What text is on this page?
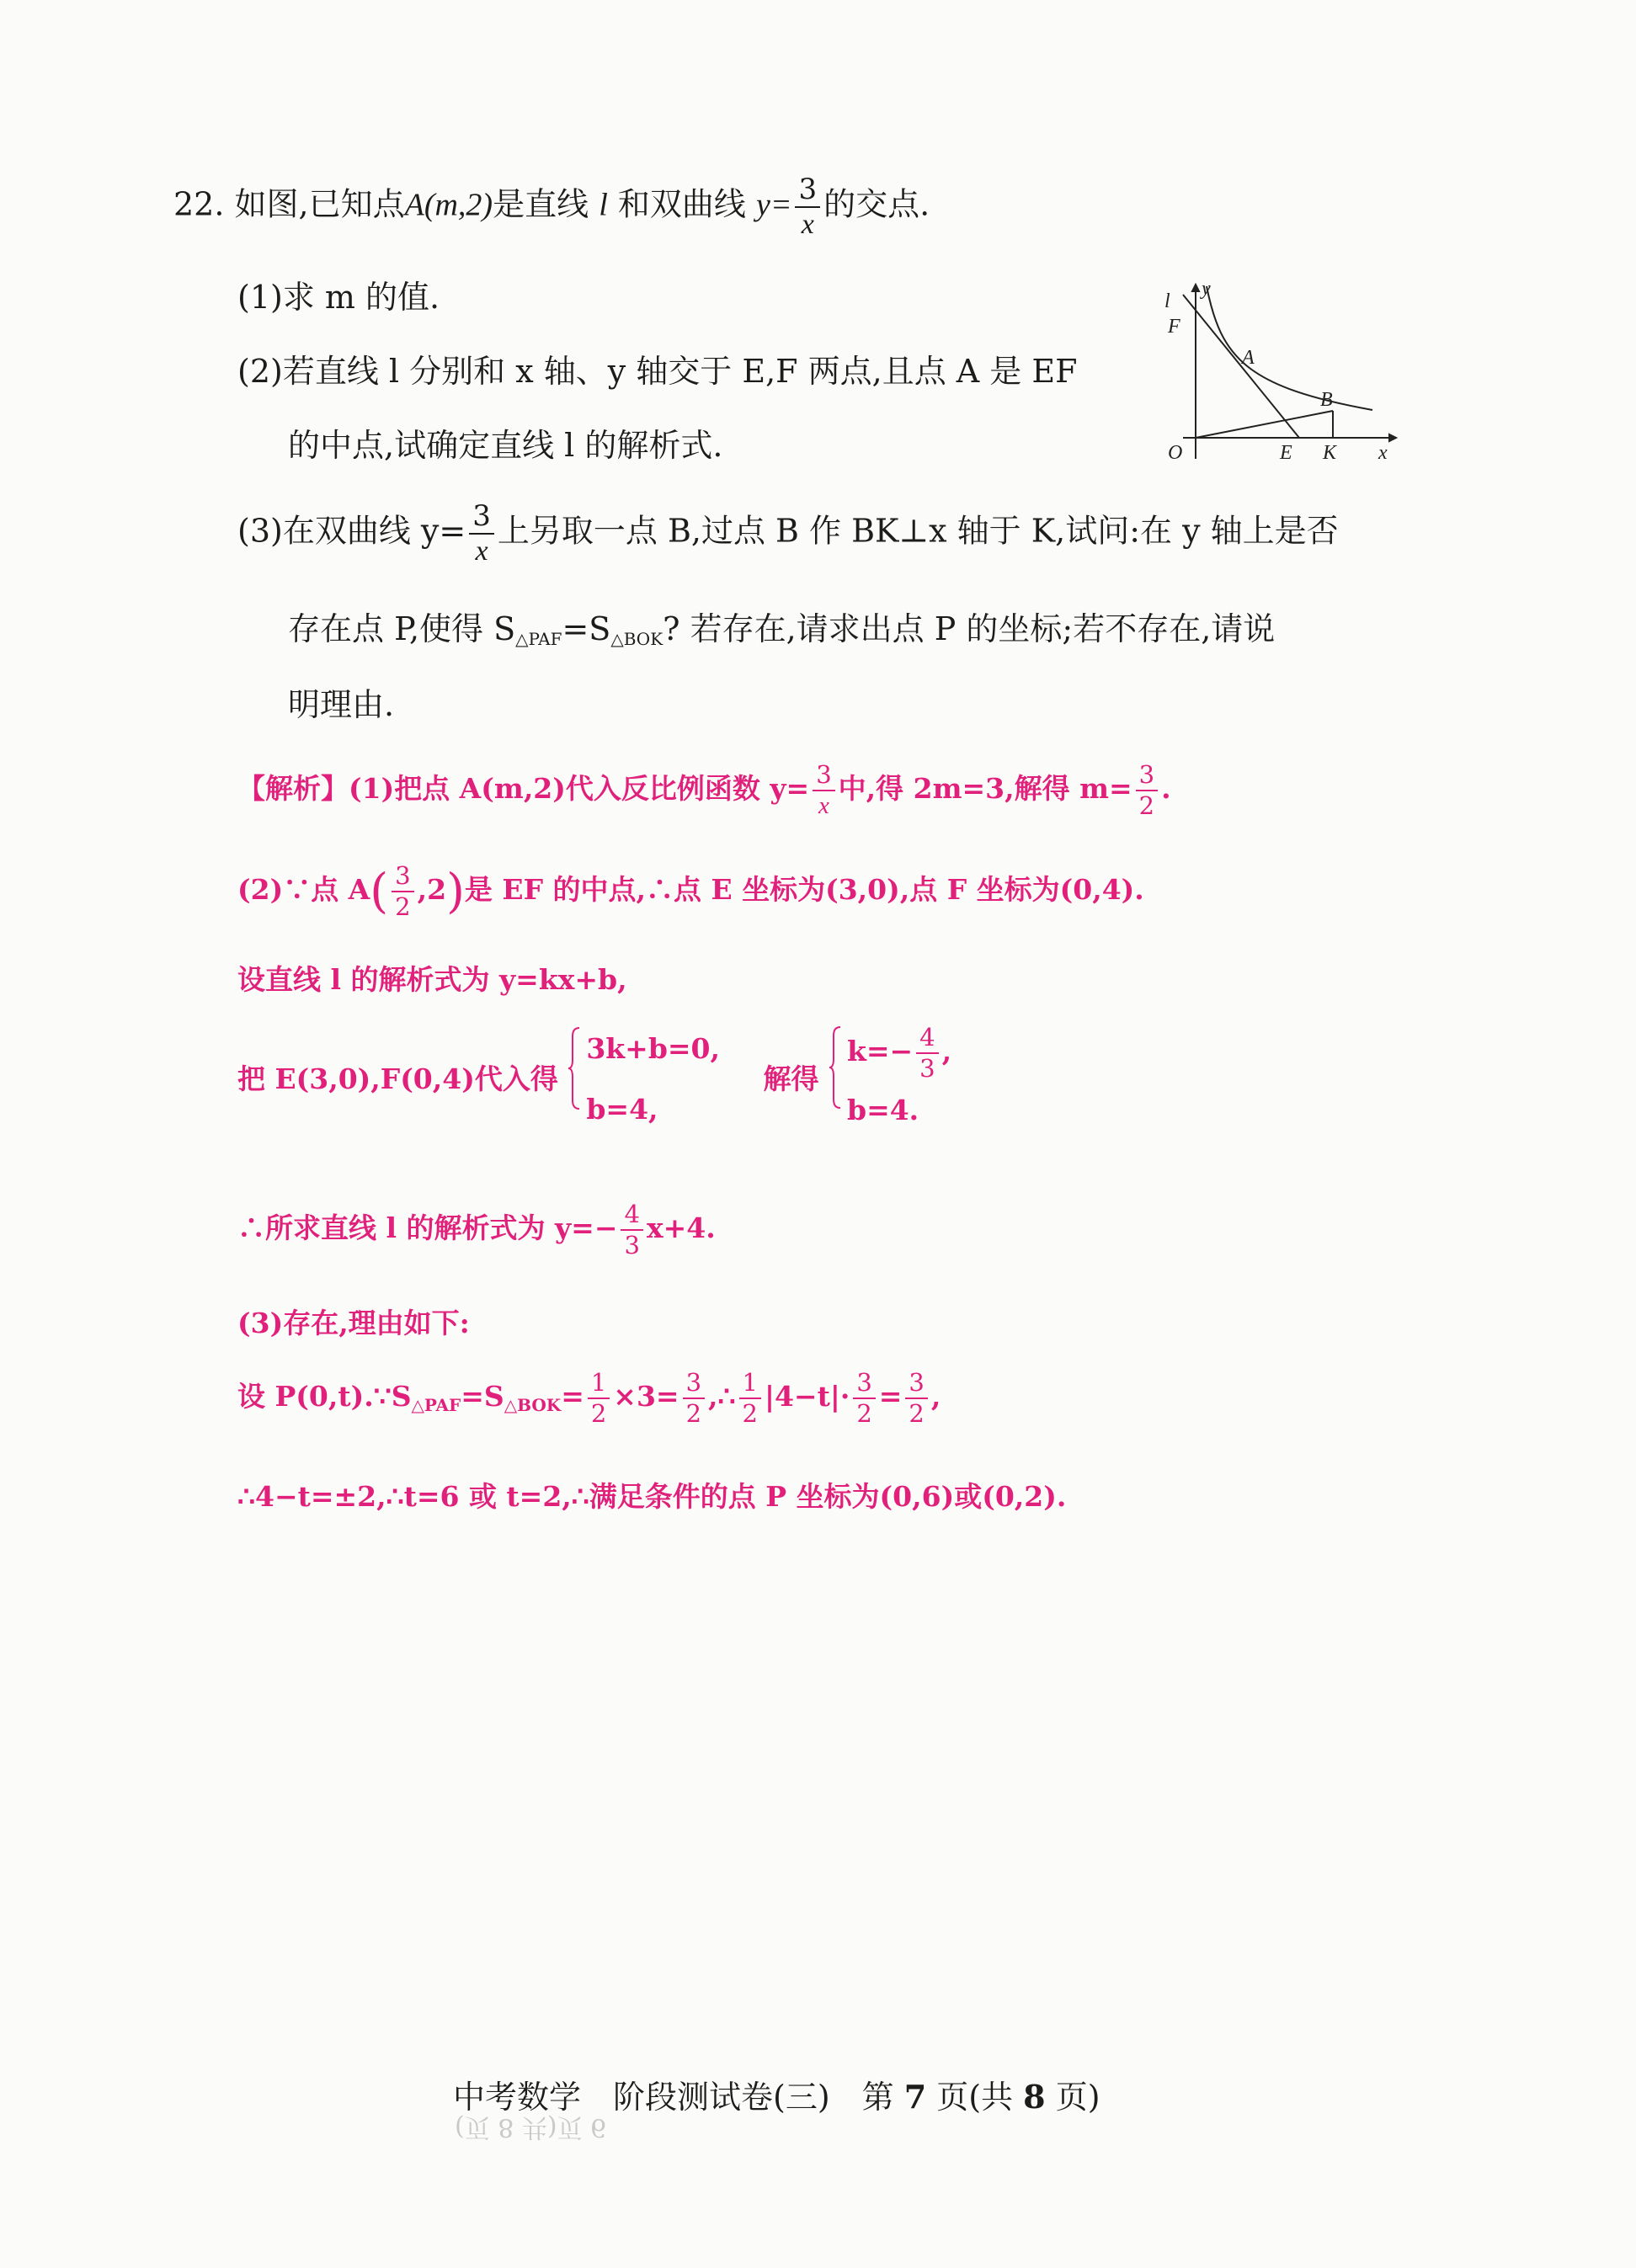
22. 如图,已知点A(m,2)是直线 l 和双曲线 $y= \frac{3}{x}$ 的交点.
(1)求 m 的值.
(2)若直线 l 分别和 x 轴、y 轴交于 E,F 两点,且点 A 是 EF
的中点,试确定直线 l 的解析式.
(3)在双曲线 $y= \frac{3}{x}$ 上另取一点 B,过点 B 作 BK⊥x 轴于 K,试问:在 y 轴上是否
存在点 P,使得 $S_{\triangle PAF}=S_{\triangle BOK}$? 若存在,请求出点 P 的坐标;若不存在,请说
明理由.
l
y
F
A
B
O	E K x
【解析】(1)把点 A(m,2)代入反比例函数 $y= \frac{3}{x}$ 中,得 2m=3,解得 $m= \frac{3}{2}$ .
(2)∵点 $A( \frac{3}{2} ,2)$是 EF 的中点,∴点 E 坐标为(3,0),点 F 坐标为(0,4).
设直线 l 的解析式为 y=kx+b,
把 E(3,0),F(0,4)代入得
3k+b=0,
b=4,
解得
$k=- \frac{4}{3}$ ,
b=4.
∴所求直线 l 的解析式为 $y=- \frac{4}{3} x+4$.
(3)存在,理由如下:
设 $P(0,t).\because S_{\triangle PAF}=S_{\triangle BOK}= \frac{1}{2} \times 3= \frac{3}{2}$ ,∴ $\frac{1}{2} |4-t|\cdot \frac{3}{2} = \frac{3}{2}$ ,
∴4−t=±2,∴t=6 或 t=2,∴满足条件的点 P 坐标为(0,6)或(0,2).
中考数学　阶段测试卷(三)　第 7 页(共 8 页)
(页 8 共)页 6
